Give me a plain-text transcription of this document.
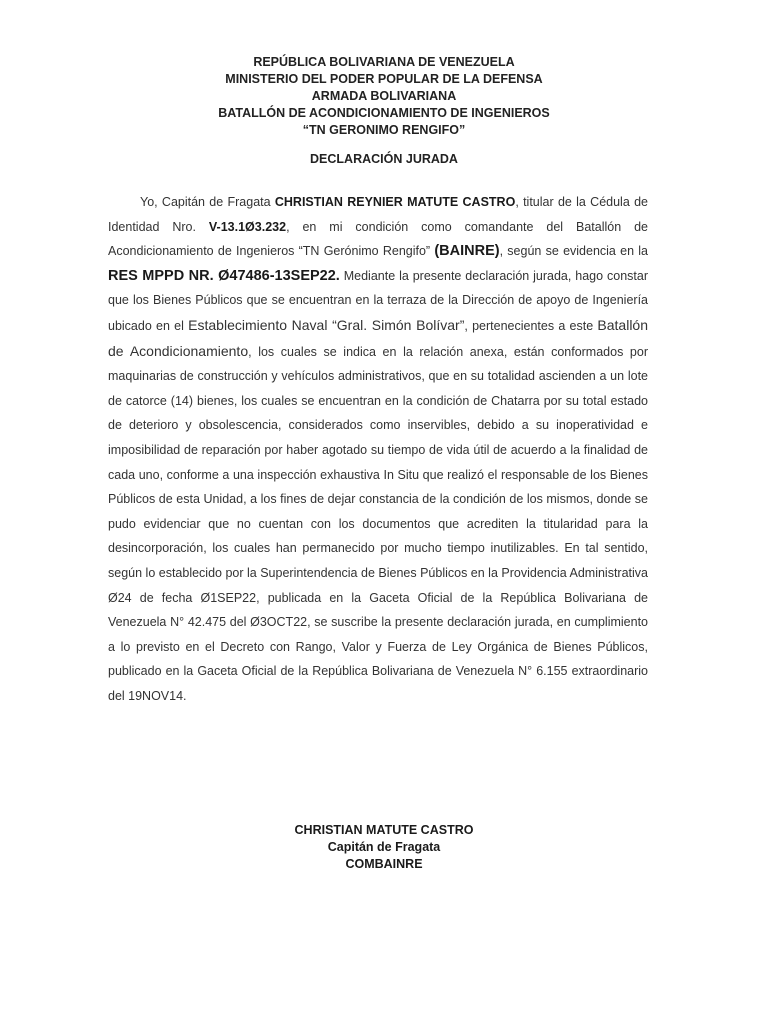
REPÚBLICA BOLIVARIANA DE VENEZUELA
MINISTERIO DEL PODER POPULAR DE LA DEFENSA
ARMADA BOLIVARIANA
BATALLÓN DE ACONDICIONAMIENTO DE INGENIEROS
“TN GERONIMO RENGIFO”
DECLARACIÓN JURADA
Yo, Capitán de Fragata CHRISTIAN REYNIER MATUTE CASTRO, titular de la Cédula de Identidad Nro. V-13.1Ø3.232, en mi condición como comandante del Batallón de Acondicionamiento de Ingenieros “TN Gerónimo Rengifo” (BAINRE), según se evidencia en la RES MPPD NR. Ø47486-13SEP22. Mediante la presente declaración jurada, hago constar que los Bienes Públicos que se encuentran en la terraza de la Dirección de apoyo de Ingeniería ubicado en el Establecimiento Naval “Gral. Simón Bolívar”, pertenecientes a este Batallón de Acondicionamiento, los cuales se indica en la relación anexa, están conformados por maquinarias de construcción y vehículos administrativos, que en su totalidad ascienden a un lote de catorce (14) bienes, los cuales se encuentran en la condición de Chatarra por su total estado de deterioro y obsolescencia, considerados como inservibles, debido a su inoperatividad e imposibilidad de reparación por haber agotado su tiempo de vida útil de acuerdo a la finalidad de cada uno, conforme a una inspección exhaustiva In Situ que realizó el responsable de los Bienes Públicos de esta Unidad, a los fines de dejar constancia de la condición de los mismos, donde se pudo evidenciar que no cuentan con los documentos que acrediten la titularidad para la desincorporación, los cuales han permanecido por mucho tiempo inutilizables. En tal sentido, según lo establecido por la Superintendencia de Bienes Públicos en la Providencia Administrativa Ø24 de fecha Ø1SEP22, publicada en la Gaceta Oficial de la República Bolivariana de Venezuela N° 42.475 del Ø3OCT22, se suscribe la presente declaración jurada, en cumplimiento a lo previsto en el Decreto con Rango, Valor y Fuerza de Ley Orgánica de Bienes Públicos, publicado en la Gaceta Oficial de la República Bolivariana de Venezuela N° 6.155 extraordinario del 19NOV14.
CHRISTIAN MATUTE CASTRO
Capitán de Fragata
COMBAINRE
